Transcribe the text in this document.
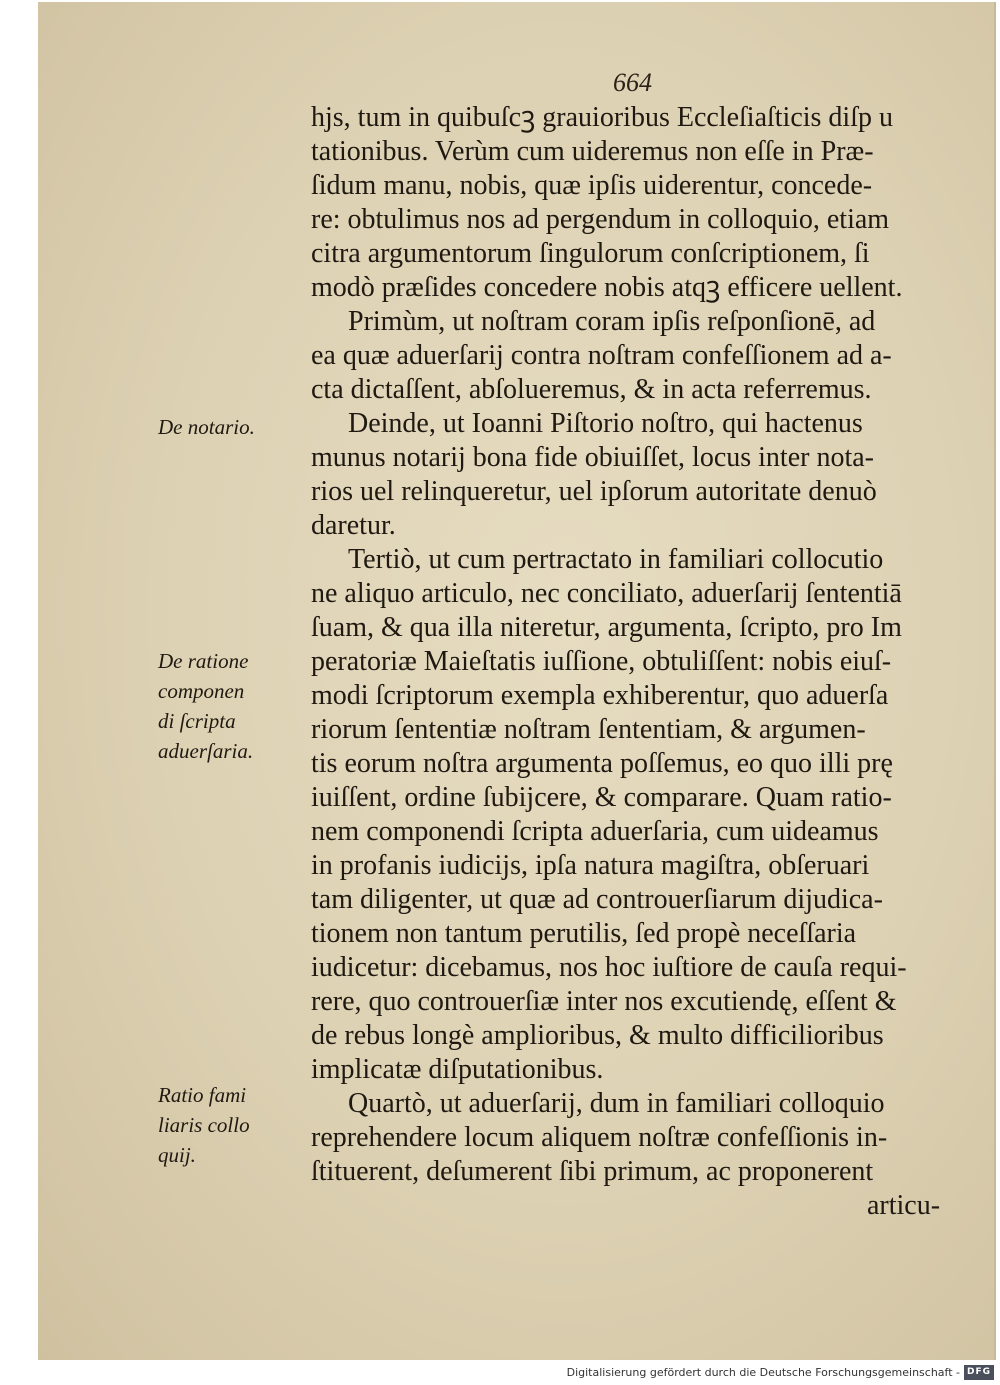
664
hjs, tum in quibuſcꝫ grauioribus Eccleſiaſticis diſp u
tationibus. Verùm cum uideremus non eſſe in Præ-
ſidum manu, nobis, quæ ipſis uiderentur, concede-
re: obtulimus nos ad pergendum in colloquio, etiam
citra argumentorum ſingulorum conſcriptionem, ſi
modò præſides concedere nobis atqꝫ efficere uellent.
Primùm, ut noſtram coram ipſis reſponſionē, ad
ea quæ aduerſarij contra noſtram confeſſionem ad a-
cta dictaſſent, abſolueremus, & in acta referremus.
Deinde, ut Ioanni Piſtorio noſtro, qui hactenus
munus notarij bona fide obiuiſſet, locus inter nota-
rios uel relinqueretur, uel ipſorum autoritate denuò
daretur.
Tertiò, ut cum pertractato in familiari collocutio
ne aliquo articulo, nec conciliato, aduerſarij ſententiā
ſuam, & qua illa niteretur, argumenta, ſcripto, pro Im
peratoriæ Maieſtatis iuſſione, obtuliſſent: nobis eiuſ-
modi ſcriptorum exempla exhiberentur, quo aduerſa
riorum ſententiæ noſtram ſententiam, & argumen-
tis eorum noſtra argumenta poſſemus, eo quo illi prę
iuiſſent, ordine ſubijcere, & comparare. Quam ratio-
nem componendi ſcripta aduerſaria, cum uideamus
in profanis iudicijs, ipſa natura magiſtra, obſeruari
tam diligenter, ut quæ ad controuerſiarum dijudica-
tionem non tantum perutilis, ſed propè neceſſaria
iudicetur: dicebamus, nos hoc iuſtiore de cauſa requi-
rere, quo controuerſiæ inter nos excutiendę, eſſent &
de rebus longè amplioribus, & multo difficilioribus
implicatæ diſputationibus.
Quartò, ut aduerſarij, dum in familiari colloquio
reprehendere locum aliquem noſtræ confeſſionis in-
ſtituerent, deſumerent ſibi primum, ac proponerent
articu-
De notario.
De ratione
componen
di ſcripta
aduerſaria.
Ratio fami
liaris collo
quij.
Digitalisierung gefördert durch die Deutsche Forschungsgemeinschaft - DFG
